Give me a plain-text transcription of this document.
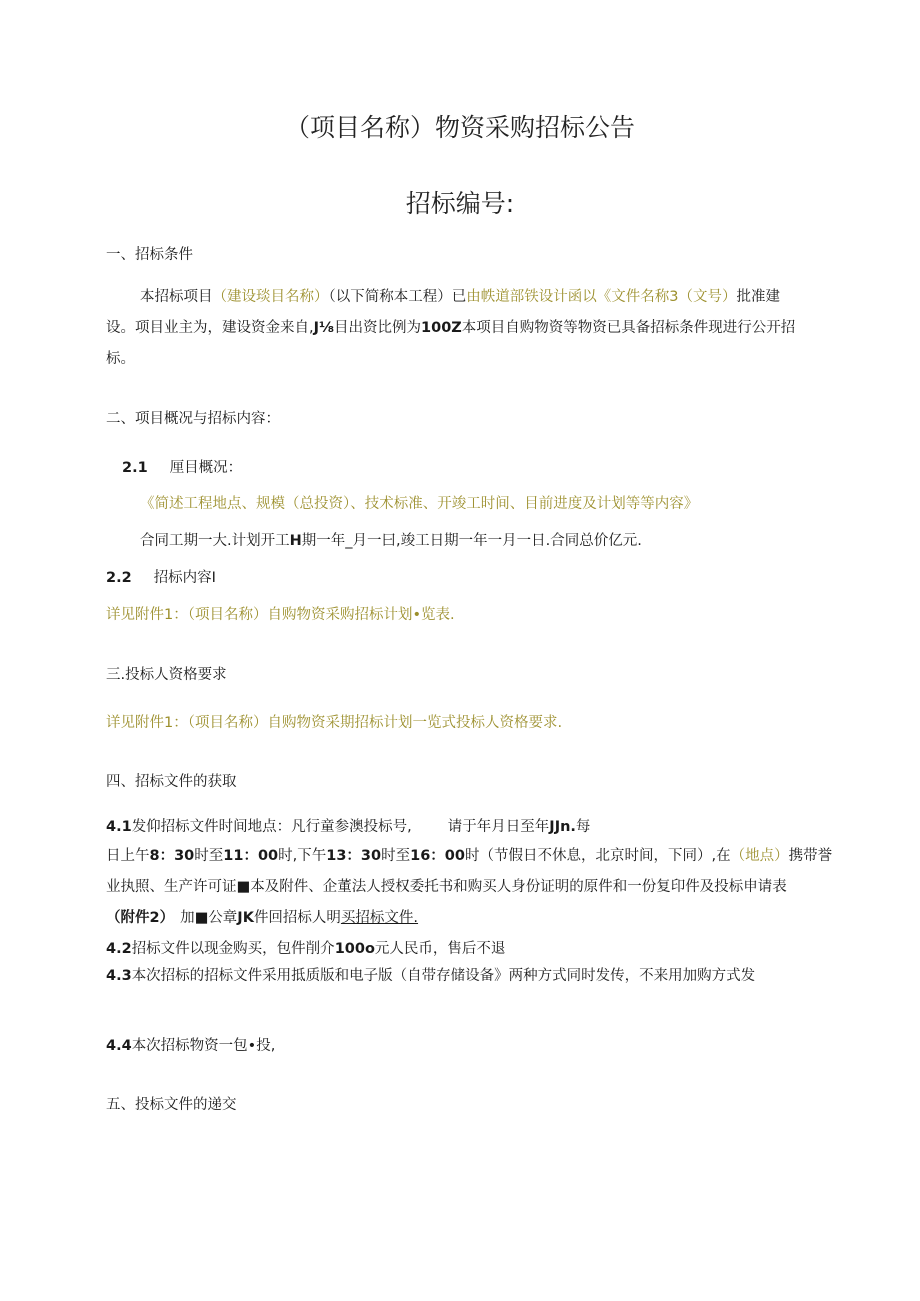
（项目名称）物资采购招标公告
招标编号:
一、招标条件
本招标项目（建设琰目名称）（以下简称本工程）已由帙道部铁设计函以《文件名称3（文号）批准建
设。项目业主为，建设资金来自,J⅛目出资比例为100Z本项目自购物资等物资已具备招标条件现进行公开招
标。
二、项目概况与招标内容：
2.1 厘目概况：
《简述工程地点、规模（总投资）、技术标准、开竣工时间、目前进度及计划等等内容》
合同工期一大.计划开工H期一年_月一曰,竣工日期一年一月一日.合同总价亿元.
2.2 招标内容I
详见附件1：（项目名称）自购物资采购招标计划•览表.
三.投标人资格要求
详见附件1：（项目名称）自购物资采期招标计划一览式投标人资格要求.
四、招标文件的获取
4.1发仰招标文件时间地点：凡行童参澳投标号, 请于年月日至年JJn.每
日上午8：30时至11：00时,下午13：30时至16：00时（节假日不休息，北京时间，下同）,在（地点）携带誉
业执照、生产许可证■本及附件、企董法人授权委托书和购买人身份证明的原件和一份复印件及投标申请表
（附件2） 加■公章JK件回招标人明买招标文件.
4.2招标文件以现金购买，包件削介100o元人民币，售后不退
4.3本次招标的招标文件采用抵质版和电子版（自带存储设备》两种方式同时发传，不来用加购方式发
4.4本次招标物资一包•投,
五、投标文件的递交
